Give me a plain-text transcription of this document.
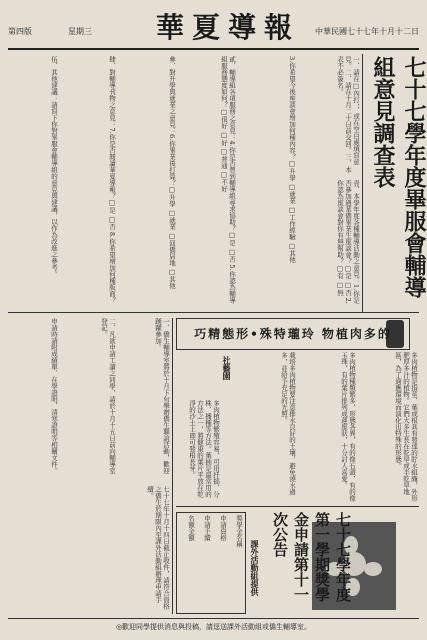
華夏導報
第四版	星期三	中華民國七十七年十月十二日
七十七學年度畢服會輔導組意見調查表
一、請在□內打ˇ，或在空白處填寫意見。二、請在十月二十日前交回。三、本表不必簽名。
壹、本學年度各種輔導活動之意見：1.你是否參加過華僑畢業生座談會？□是 □否 2.你認為座談會對你有無幫助？□有 □無
3.你希望今後座談會增加何種內容？□升學 □就業 □工作經驗 □其他
貳、輔導組各項服務之意見：4.你是否曾到輔導組尋求協助？□是 □否 5.你認為輔導組服務態度如何？□很好 □好 □普通 □不好
參、對升學與就業之意見：6.你畢業後打算？□升學 □就業 □回僑居地 □其他
肆、對輔導刊物之意見：7.你是否閱讀華夏導報？□是 □否 8.你希望增加何種版面？
伍、其他建議：請寫下你對畢服會輔導組的意見與建議，以作為改進之參考。
巧精態形•殊特瓏玲 物植肉多的
社藝園	多肉植物是指莖、葉或根具有發達的貯水組織，外形肥厚多汁的植物。它們大多生長在乾旱或半乾旱地區，為了適應環境而演化出特殊的形態。
多肉植物種類繁多，形態各異，有的像石頭，有的像玉珠，有的葉片排列成蓮座狀，十分討人喜愛。
栽培多肉植物要注意排水良好的土壤，避免澆水過多，並給予充足的光照。
多肉植物繁殖容易，可用扦插、分株、播種等方法。葉插是最常用的方法之一，將健康的葉片平放在乾淨的沙土上即可發根長芽。
七十七學年度第一學期獎學金申請第十一次公告
課外活動組提供
獎學金名稱
申請資格
申請手續
名額金額
一、僑生輔導室將於十月下旬舉辦僑生聯誼活動，歡迎踴躍參加。
二、凡欲申請工讀之同學，請於十月十五日前向輔導室登記。
七十七年十月十四日截止收件，請符合資格之僑生於期限內至課外活動組辦理申請手續。
申請時請附成績單、在學證明、清寒證明等相關文件。
◎歡迎同學提供消息與投稿，請逕送課外活動組或僑生輔導室。
